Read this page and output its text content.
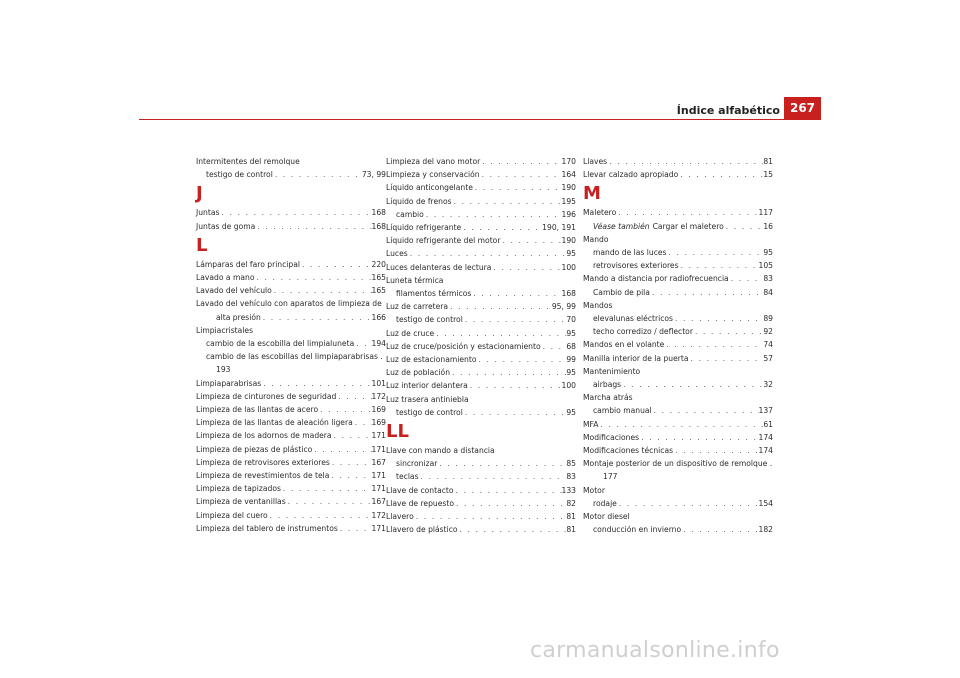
Índice alfabético 267
Intermitentes del remolque
testigo de control . . .	73, 99
J
Juntas . . .	168
Juntas de goma . . .	168
L
Lámparas del faro principal . . .	220
Lavado a mano . . .	165
Lavado del vehículo . . .	165
Lavado del vehículo con aparatos de limpieza de
alta presión . . .	166
Limpiacristales
cambio de la escobilla del limpialuneta . . . 194
cambio de las escobillas del limpiaparabrisas .
193
Limpiaparabrisas . . .	101
Limpieza de cinturones de seguridad . . .	172
Limpieza de las llantas de acero . . .	169
Limpieza de las llantas de aleación ligera . . . 169
Limpieza de los adornos de madera . . .	171
Limpieza de piezas de plástico . . .	171
Limpieza de retrovisores exteriores . . .	167
Limpieza de revestimientos de tela . . .	171
Limpieza de tapizados . . .	171
Limpieza de ventanillas . . .	167
Limpieza del cuero . . .	172
Limpieza del tablero de instrumentos . . .	171
Limpieza del vano motor . . .	170
Limpieza y conservación . . .	164
Líquido anticongelante . . .	190
Líquido de frenos . . .	195
cambio . . .	196
Líquido refrigerante . . .	190, 191
Líquido refrigerante del motor . . .	190
Luces . . .	95
Luces delanteras de lectura . . .	100
Luneta térmica
filamentos térmicos . . .	168
Luz de carretera . . .	95, 99
testigo de control . . .	70
Luz de cruce . . .	95
Luz de cruce/posición y estacionamiento . . .	68
Luz de estacionamiento . . .	99
Luz de población . . .	95
Luz interior delantera . . .	100
Luz trasera antiniebla
testigo de control . . .	95
LL
Llave con mando a distancia
sincronizar . . .	85
teclas . . .	83
Llave de contacto . . .	133
Llave de repuesto . . .	82
Llavero . . .	81
Llavero de plástico . . .	81
Llaves . . .	81
Llevar calzado apropiado . . .	15
M
Maletero . . .	117
Véase también Cargar el maletero . . .	16
Mando
mando de las luces . . .	95
retrovisores exteriores . . .	105
Mando a distancia por radiofrecuencia . . .	83
Cambio de pila . . .	84
Mandos
elevalunas eléctricos . . .	89
techo corredizo / deflector . . .	92
Mandos en el volante . . .	74
Manilla interior de la puerta . . .	57
Mantenimiento
airbags . . .	32
Marcha atrás
cambio manual . . .	137
MFA . . .	61
Modificaciones . . .	174
Modificaciones técnicas . . .	174
Montaje posterior de un dispositivo de remolque .
177
Motor
rodaje . . .	154
Motor diesel
conducción en invierno . . .	182
carmanualsonline.info
